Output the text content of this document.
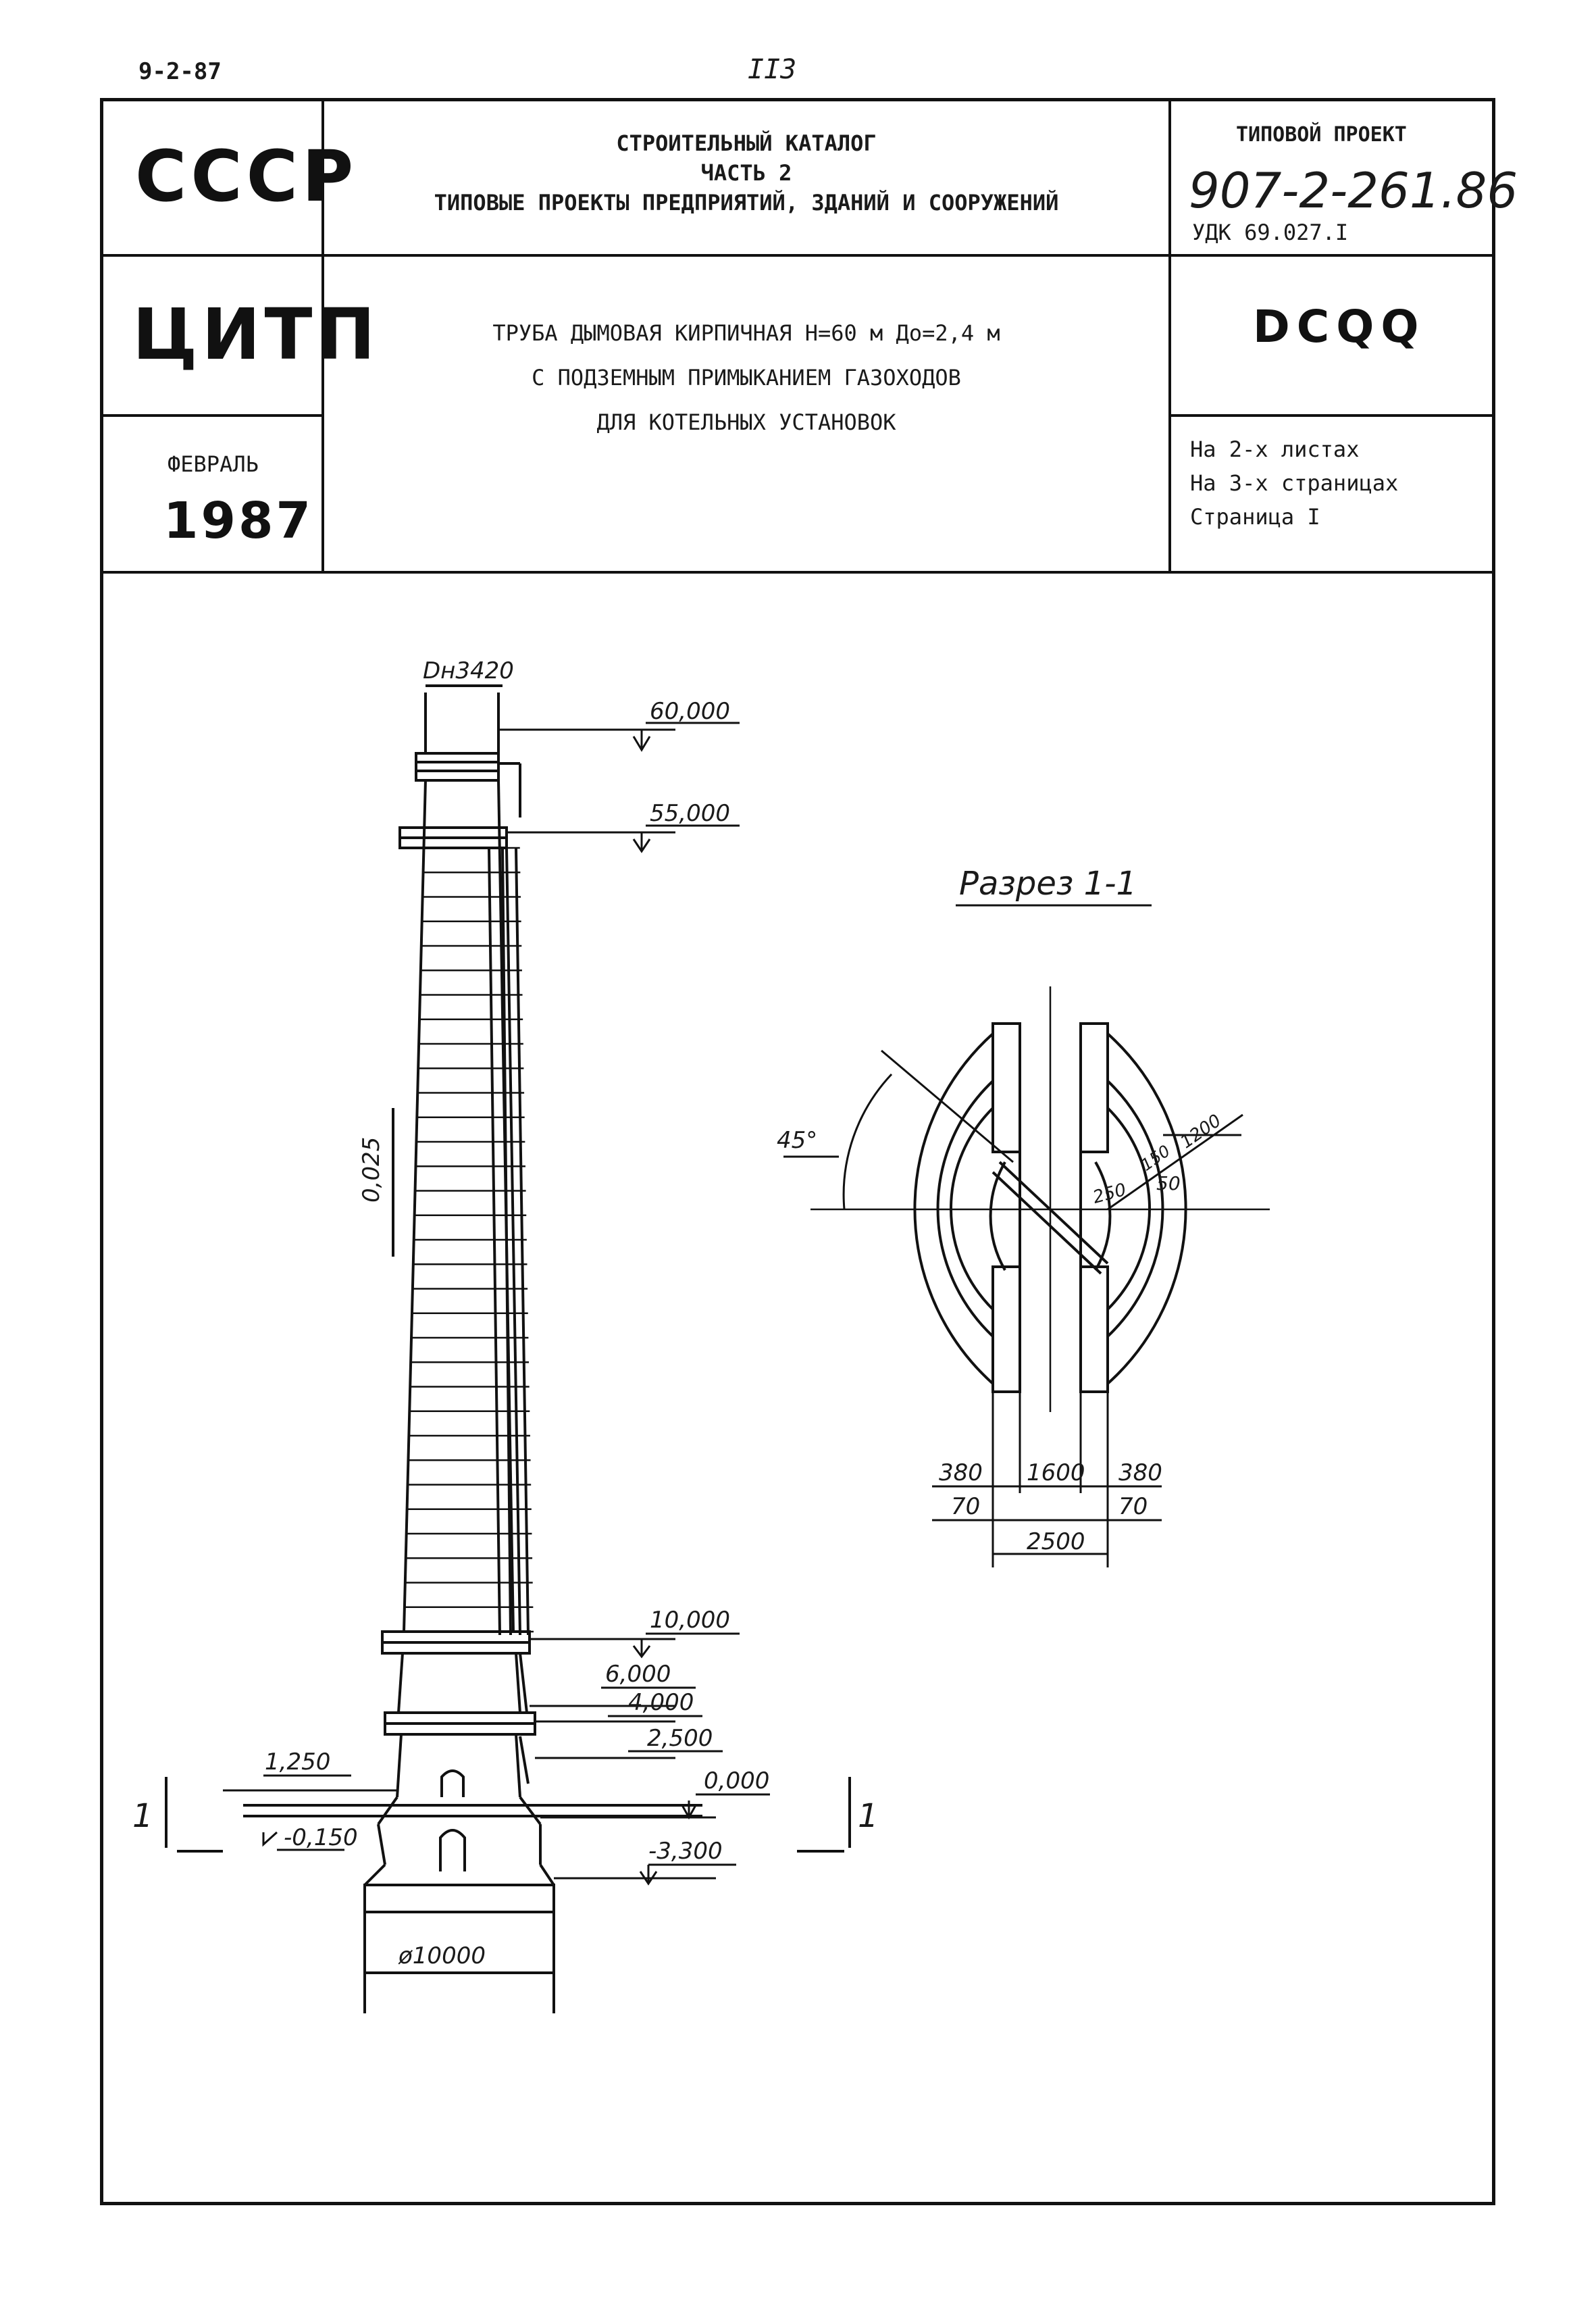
9-2-87	II3
СССР
ЦИТП
ФЕВРАЛЬ
1987
СТРОИТЕЛЬНЫЙ КАТАЛОГ
ЧАСТЬ 2
ТИПОВЫЕ ПРОЕКТЫ ПРЕДПРИЯТИЙ, ЗДАНИЙ И СООРУЖЕНИЙ
ТРУБА ДЫМОВАЯ КИРПИЧНАЯ Н=60 м До=2,4 м
С ПОДЗЕМНЫМ ПРИМЫКАНИЕМ ГАЗОХОДОВ
ДЛЯ КОТЕЛЬНЫХ УСТАНОВОК
ТИПОВОЙ ПРОЕКТ
907-2-261.86
УДК 69.027.I
DCQQ
На 2-х листах
На 3-х страницах
Страница I
Dн3420
60,000
55,000
10,000
6,000
4,000
2,500
1,250
0,000
-0,150	-3,300
0,025
ø10000
1	1
Разрез 1-1
45°	1200
150
250 50
380 1600 380
70	70
2500
